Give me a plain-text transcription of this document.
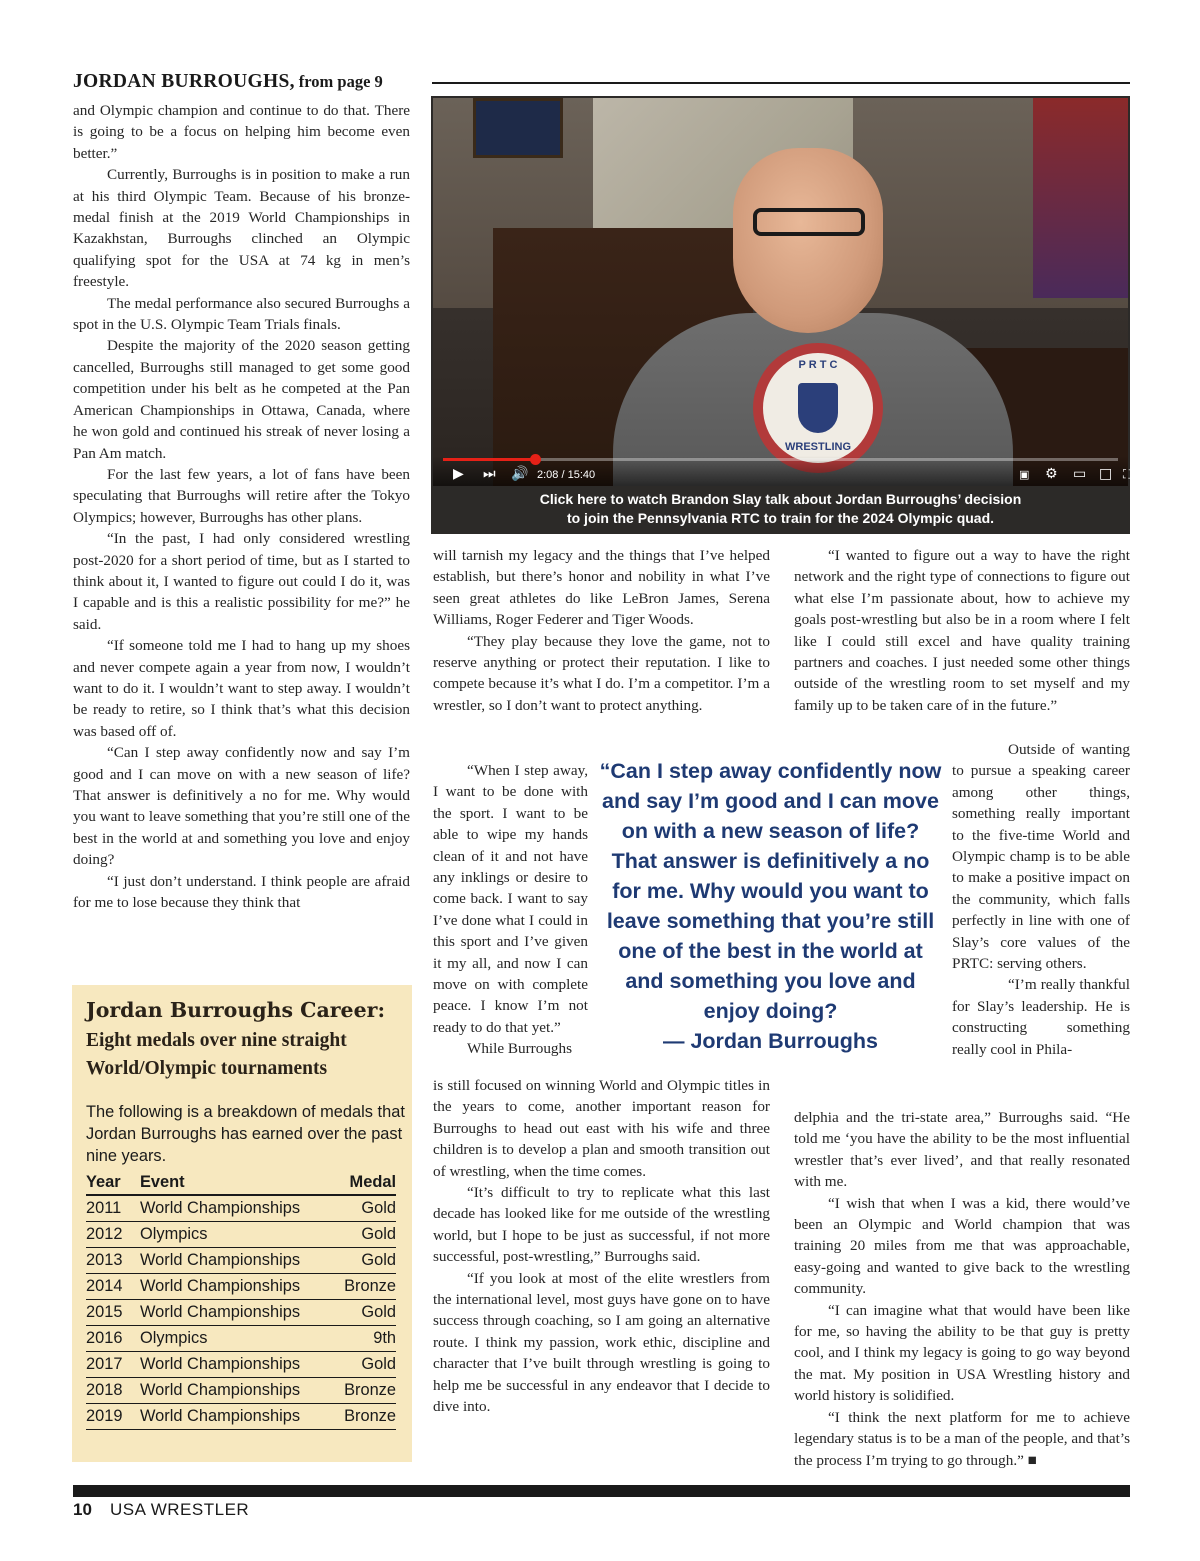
JORDAN BURROUGHS, from page 9

and Olympic champion and continue to do that. There is going to be a focus on helping him become even better.”

Currently, Burroughs is in position to make a run at his third Olympic Team. Because of his bronze-medal finish at the 2019 World Championships in Kazakhstan, Burroughs clinched an Olympic qualifying spot for the USA at 74 kg in men’s freestyle.

The medal performance also secured Burroughs a spot in the U.S. Olympic Team Trials finals.

Despite the majority of the 2020 season getting cancelled, Burroughs still managed to get some good competition under his belt as he competed at the Pan American Championships in Ottawa, Canada, where he won gold and continued his streak of never losing a Pan Am match.

For the last few years, a lot of fans have been speculating that Burroughs will retire after the Tokyo Olympics; however, Burroughs has other plans.

“In the past, I had only considered wrestling post-2020 for a short period of time, but as I started to think about it, I wanted to figure out could I do it, was I capable and is this a realistic possibility for me?” he said.

“If someone told me I had to hang up my shoes and never compete again a year from now, I wouldn’t want to do it. I wouldn’t want to step away. I wouldn’t be ready to retire, so I think that’s what this decision was based off of.

“Can I step away confidently now and say I’m good and I can move on with a new season of life? That answer is definitively a no for me. Why would you want to leave something that you’re still one of the best in the world at and something you love and enjoy doing?

“I just don’t understand. I think people are afraid for me to lose because they think that

P R T C
WRESTLING
▶ ⏭ 🔊 2:08 / 15:40	▣ ⚙ ▭ □ ⛶
Click here to watch Brandon Slay talk about Jordan Burroughs’ decision
to join the Pennsylvania RTC to train for the 2024 Olympic quad.

will tarnish my legacy and the things that I’ve helped establish, but there’s honor and nobility in what I’ve seen great athletes do like LeBron James, Serena Williams, Roger Federer and Tiger Woods.

“They play because they love the game, not to reserve anything or protect their reputation. I like to compete because it’s what I do. I’m a competitor. I’m a wrestler, so I don’t want to protect anything.

“When I step away, I want to be done with the sport. I want to be able to wipe my hands clean of it and not have any inklings or desire to come back. I want to say I’ve done what I could in this sport and I’ve given it my all, and now I can move on with complete peace. I know I’m not ready to do that yet.”

While Burroughs

is still focused on winning World and Olympic titles in the years to come, another important reason for Burroughs to head out east with his wife and three children is to develop a plan and smooth transition out of wrestling, when the time comes.

“It’s difficult to try to replicate what this last decade has looked like for me outside of the wrestling world, but I hope to be just as successful, if not more successful, post-wrestling,” Burroughs said.

“If you look at most of the elite wrestlers from the international level, most guys have gone on to have success through coaching, so I am going an alternative route. I think my passion, work ethic, discipline and character that I’ve built through wrestling is going to help me be successful in any endeavor that I decide to dive into.

“I wanted to figure out a way to have the right network and the right type of connections to figure out what else I’m passionate about, how to achieve my goals post-wrestling but also be in a room where I felt like I could still excel and have quality training partners and coaches. I just needed some other things outside of the wrestling room to set myself and my family up to be taken care of in the future.”

Outside of wanting to pursue a speaking career among other things, something really important to the five-time World and Olympic champ is to be able to make a positive impact on the community, which falls perfectly in line with one of Slay’s core values of the PRTC: serving others.

“I’m really thankful for Slay’s leadership. He is constructing something really cool in Phila-

delphia and the tri-state area,” Burroughs said. “He told me ‘you have the ability to be the most influential wrestler that’s ever lived’, and that really resonated with me.

“I wish that when I was a kid, there would’ve been an Olympic and World champion that was training 20 miles from me that was approachable, easy-going and wanted to give back to the wrestling community.

“I can imagine what that would have been like for me, so having the ability to be that guy is pretty cool, and I think my legacy is going to go way beyond the mat. My position in USA Wrestling history and world history is solidified.

“I think the next platform for me to achieve legendary status is to be a man of the people, and that’s the process I’m trying to go through.” ■

“Can I step away confidently now and say I’m good and I can move on with a new season of life? That answer is definitively a no for me. Why would you want to leave something that you’re still one of the best in the world at and something you love and enjoy doing?
— Jordan Burroughs
Jordan Burroughs Career:
Eight medals over nine straight
World/Olympic tournaments
The following is a breakdown of medals that Jordan Burroughs has earned over the past nine years.
Year	Event	Medal
2011	World Championships	Gold
2012	Olympics	Gold
2013	World Championships	Gold
2014	World Championships	Bronze
2015	World Championships	Gold
2016	Olympics	9th
2017	World Championships	Gold
2018	World Championships	Bronze
2019	World Championships	Bronze
10 USA WRESTLER
